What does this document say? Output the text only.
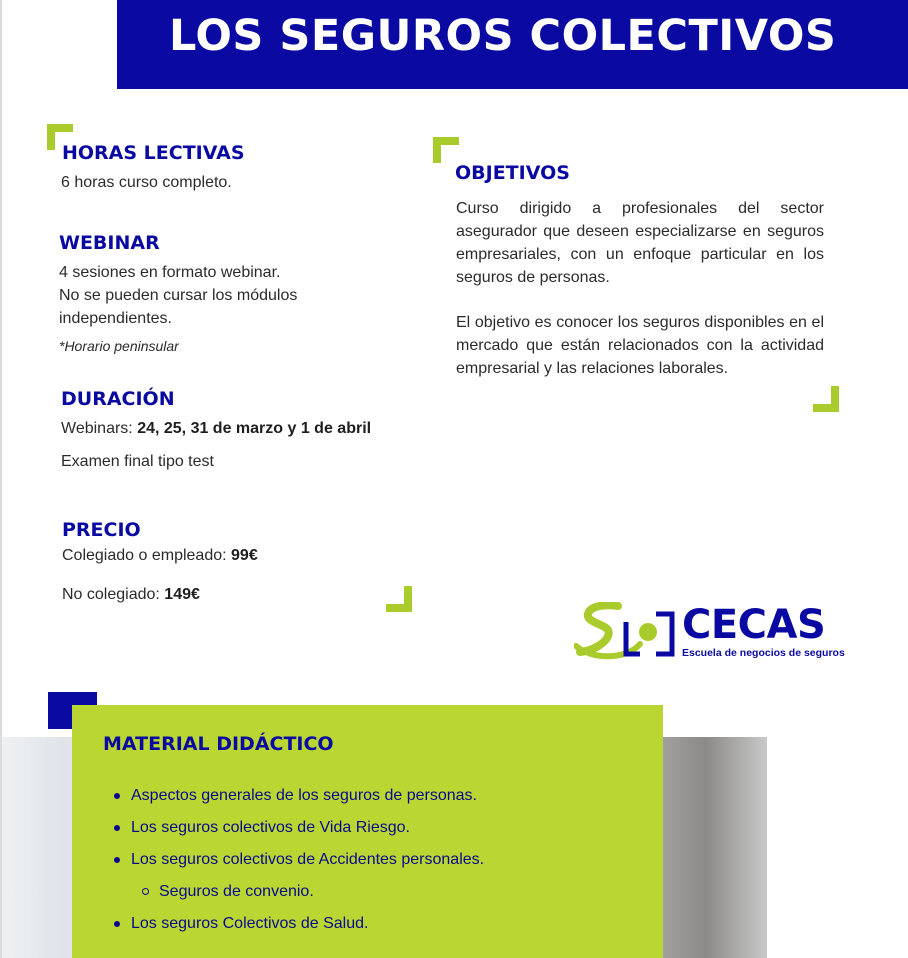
LOS SEGUROS COLECTIVOS
HORAS LECTIVAS

6 horas curso completo.

WEBINAR

4 sesiones en formato webinar.

No se pueden cursar los módulos

independientes.

*Horario peninsular

DURACIÓN

Webinars: 24, 25, 31 de marzo y 1 de abril

Examen final tipo test

PRECIO

Colegiado o empleado: 99€

No colegiado: 149€

OBJETIVOS

Curso dirigido a profesionales del sector asegurador que deseen especializarse en seguros empresariales, con un enfoque particular en los seguros de personas.

El objetivo es conocer los seguros disponibles en el mercado que están relacionados con la actividad empresarial y las relaciones laborales.

CECAS

Escuela de negocios de seguros

MATERIAL DIDÁCTICO
Aspectos generales de los seguros de personas.
Los seguros colectivos de Vida Riesgo.
Los seguros colectivos de Accidentes personales.
Seguros de convenio.
Los seguros Colectivos de Salud.
